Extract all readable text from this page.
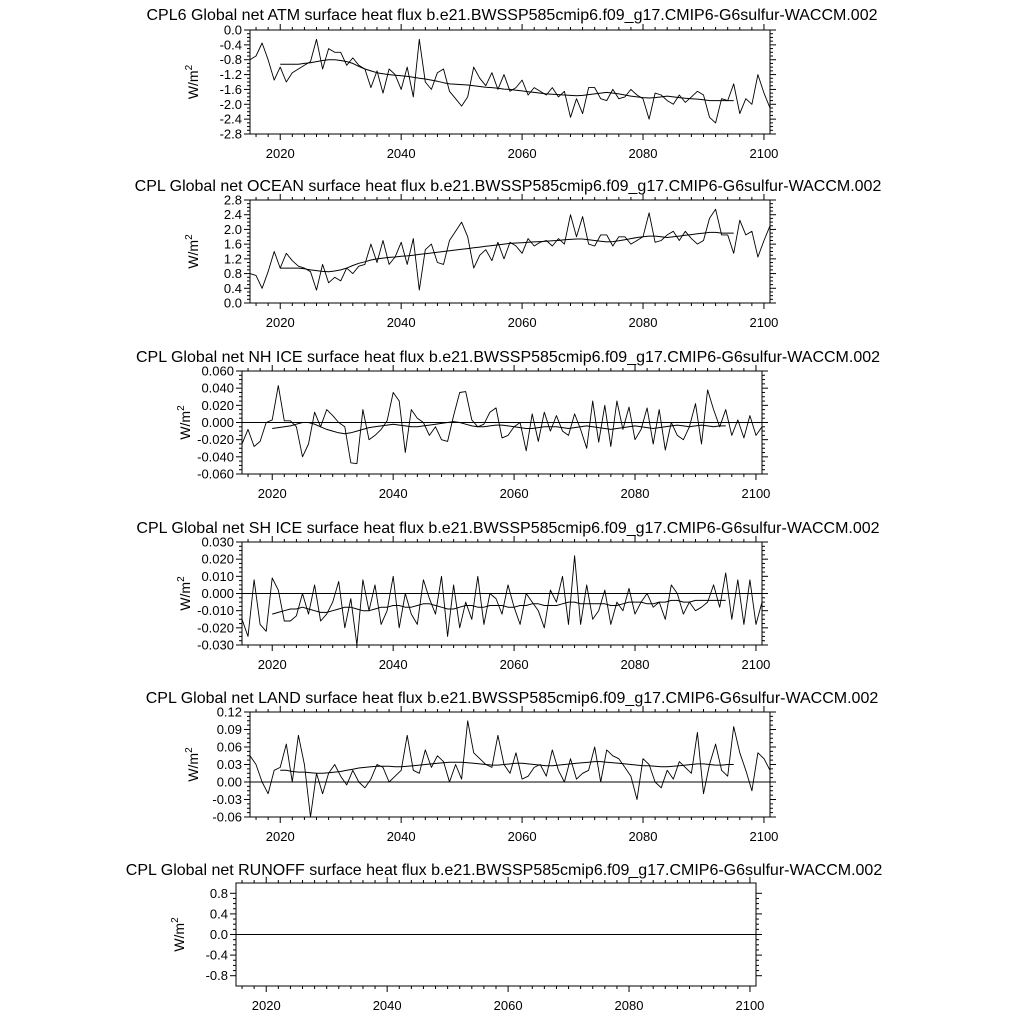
CPL6 Global net ATM surface heat flux b.e21.BWSSP585cmip6.f09_g17.CMIP6-G6sulfur-WACCM.002
2020	2040	2060	2080	2100
0.0
-0.4
-0.8
-1.2
-1.6
-2.0
-2.4
-2.8
$W/m^2$
CPL Global net OCEAN surface heat flux b.e21.BWSSP585cmip6.f09_g17.CMIP6-G6sulfur-WACCM.002
2020	2040	2060	2080	2100
2.8
2.4
2.0
1.6
1.2
0.8
0.4
0.0
$W/m^2$
CPL Global net NH ICE surface heat flux b.e21.BWSSP585cmip6.f09_g17.CMIP6-G6sulfur-WACCM.002
2020	2040	2060	2080	2100
0.060
0.040
0.020
0.000
-0.020
-0.040
-0.060
$W/m^2$
CPL Global net SH ICE surface heat flux b.e21.BWSSP585cmip6.f09_g17.CMIP6-G6sulfur-WACCM.002
2020	2040	2060	2080	2100
0.030
0.020
0.010
0.000
-0.010
-0.020
-0.030
$W/m^2$
CPL Global net LAND surface heat flux b.e21.BWSSP585cmip6.f09_g17.CMIP6-G6sulfur-WACCM.002
2020	2040	2060	2080	2100
0.12
0.09
0.06
0.03
0.00
-0.03
-0.06
$W/m^2$
CPL Global net RUNOFF surface heat flux b.e21.BWSSP585cmip6.f09_g17.CMIP6-G6sulfur-WACCM.002
2020	2040	2060	2080	2100
0.8
0.4
0.0
-0.4
-0.8
$W/m^2$
